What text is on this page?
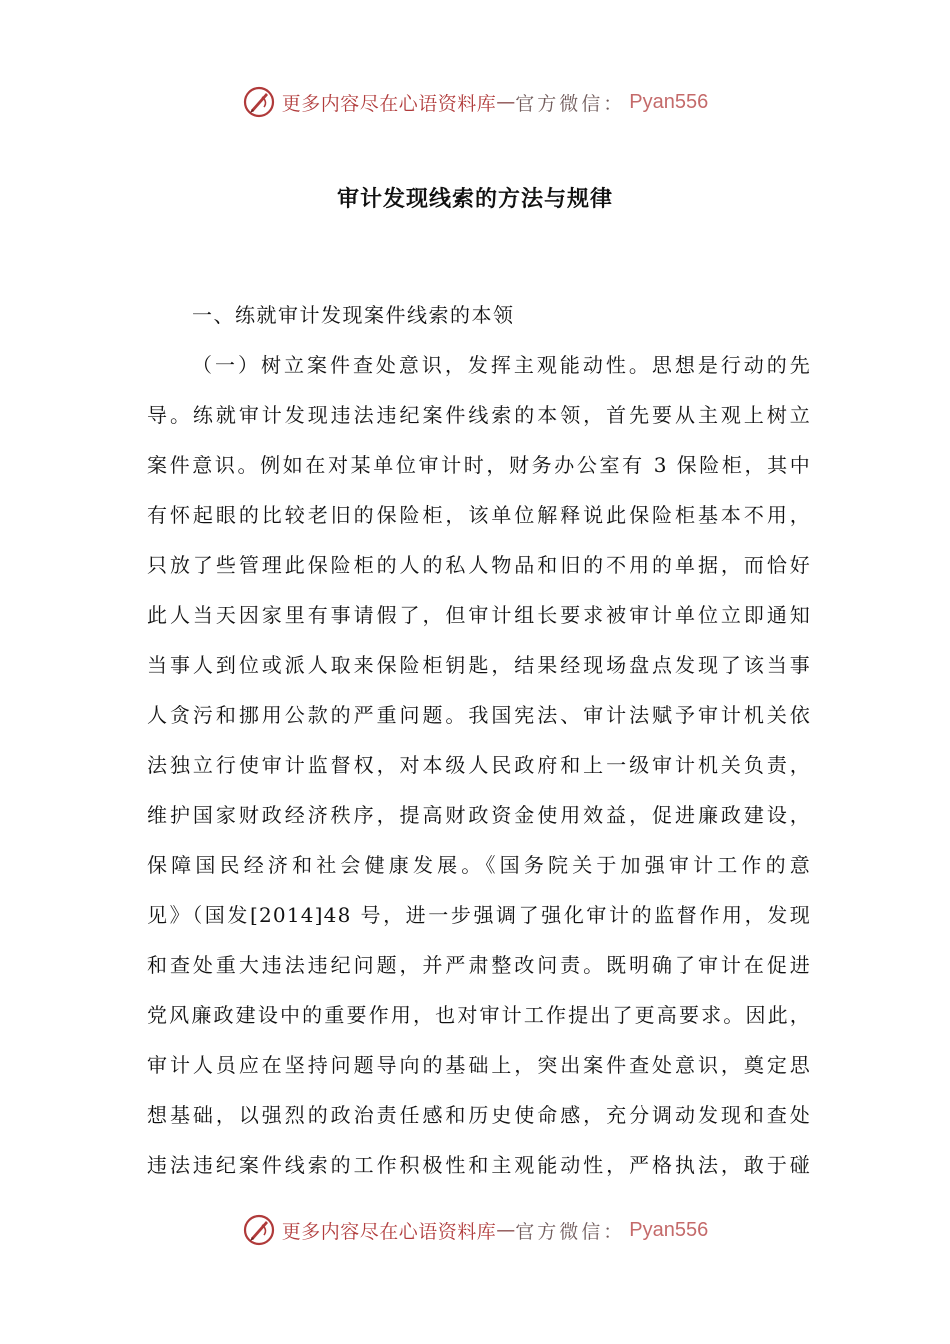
更多内容尽在心语资料库 — 官方微信： Pyan556
审计发现线索的方法与规律
一、练就审计发现案件线索的本领
（一）树立案件查处意识，发挥主观能动性。思想是行动的先
导。练就审计发现违法违纪案件线索的本领，首先要从主观上树立
案件意识。例如在对某单位审计时，财务办公室有 3 保险柜，其中
有怀起眼的比较老旧的保险柜，该单位解释说此保险柜基本不用，
只放了些管理此保险柜的人的私人物品和旧的不用的单据，而恰好
此人当天因家里有事请假了，但审计组长要求被审计单位立即通知
当事人到位或派人取来保险柜钥匙，结果经现场盘点发现了该当事
人贪污和挪用公款的严重问题。我国宪法、审计法赋予审计机关依
法独立行使审计监督权，对本级人民政府和上一级审计机关负责，
维护国家财政经济秩序，提高财政资金使用效益，促进廉政建设，
保障国民经济和社会健康发展。《国务院关于加强审计工作的意
见》（国发[2014]48 号，进一步强调了强化审计的监督作用，发现
和查处重大违法违纪问题，并严肃整改问责。既明确了审计在促进
党风廉政建设中的重要作用，也对审计工作提出了更高要求。因此，
审计人员应在坚持问题导向的基础上，突出案件查处意识，奠定思
想基础，以强烈的政治责任感和历史使命感，充分调动发现和查处
违法违纪案件线索的工作积极性和主观能动性，严格执法，敢于碰
更多内容尽在心语资料库 — 官方微信： Pyan556
